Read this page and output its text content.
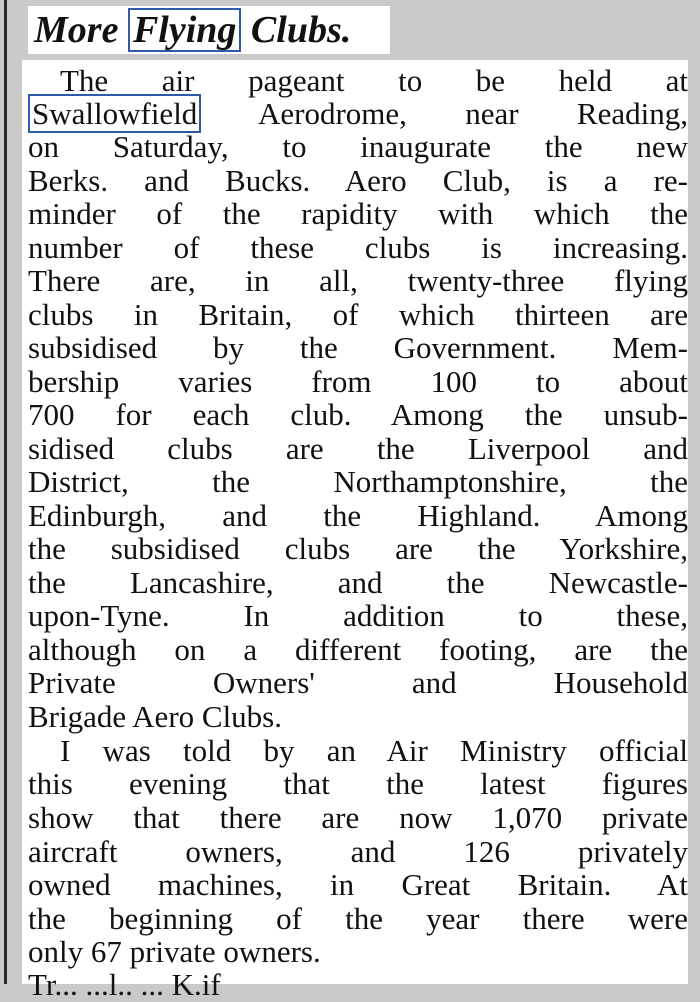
More Flying Clubs.
The air pageant to be held at
Swallowfield Aerodrome, near Reading,
on Saturday, to inaugurate the new
Berks. and Bucks. Aero Club, is a re-
minder of the rapidity with which the
number of these clubs is increasing.
There are, in all, twenty-three flying
clubs in Britain, of which thirteen are
subsidised by the Government. Mem-
bership varies from 100 to about
700 for each club. Among the unsub-
sidised clubs are the Liverpool and
District, the Northamptonshire, the
Edinburgh, and the Highland. Among
the subsidised clubs are the Yorkshire,
the Lancashire, and the Newcastle-
upon-Tyne. In addition to these,
although on a different footing, are the
Private Owners' and Household
Brigade Aero Clubs.
I was told by an Air Ministry official
this evening that the latest figures
show that there are now 1,070 private
aircraft owners, and 126 privately
owned machines, in Great Britain. At
the beginning of the year there were
only 67 private owners.
Tr... ...l.. ... K.if
